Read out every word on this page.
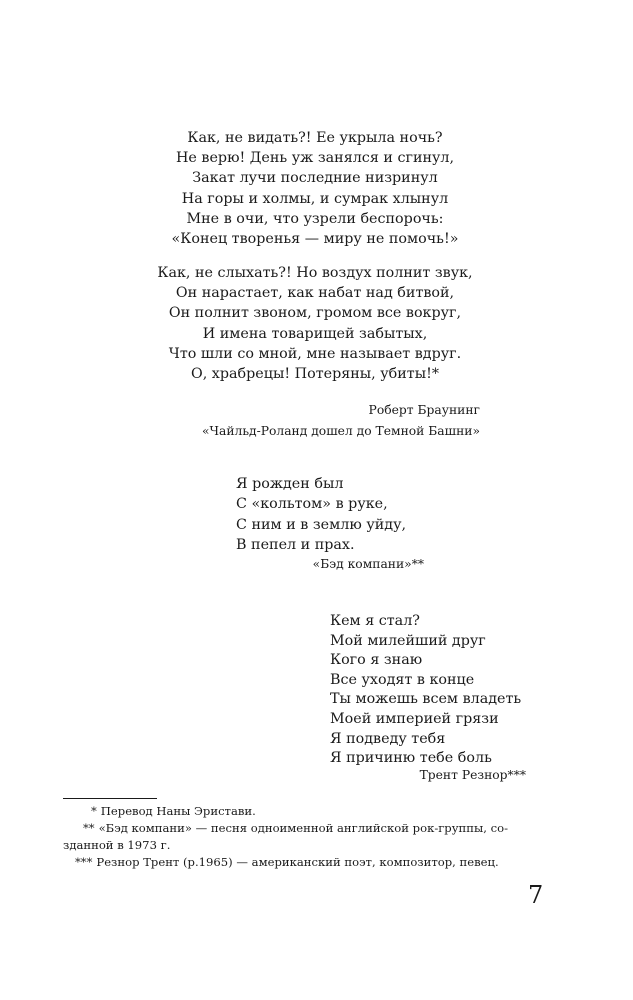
Как, не видать?! Ее укрыла ночь?

Не верю! День уж занялся и сгинул,

Закат лучи последние низринул

На горы и холмы, и сумрак хлынул

Мне в очи, что узрели беспорочь:

«Конец творенья — миру не помочь!»

Как, не слыхать?! Но воздух полнит звук,

Он нарастает, как набат над битвой,

Он полнит звоном, громом все вокруг,

И имена товарищей забытых,

Что шли со мной, мне называет вдруг.

О, храбрецы! Потеряны, убиты!*

Роберт Браунинг

«Чайльд-Роланд дошел до Темной Башни»

Я рожден был

С «кольтом» в руке,

С ним и в землю уйду,

В пепел и прах.

«Бэд компани»**

Кем я стал?

Мой милейший друг

Кого я знаю

Все уходят в конце

Ты можешь всем владеть

Моей империей грязи

Я подведу тебя

Я причиню тебе боль

Трент Резнор***

* Перевод Наны Эристави.

** «Бэд компани» — песня одноименной английской рок-группы, со-
зданной в 1973 г.

*** Резнор Трент (р.1965) — американский поэт, композитор, певец.

7
